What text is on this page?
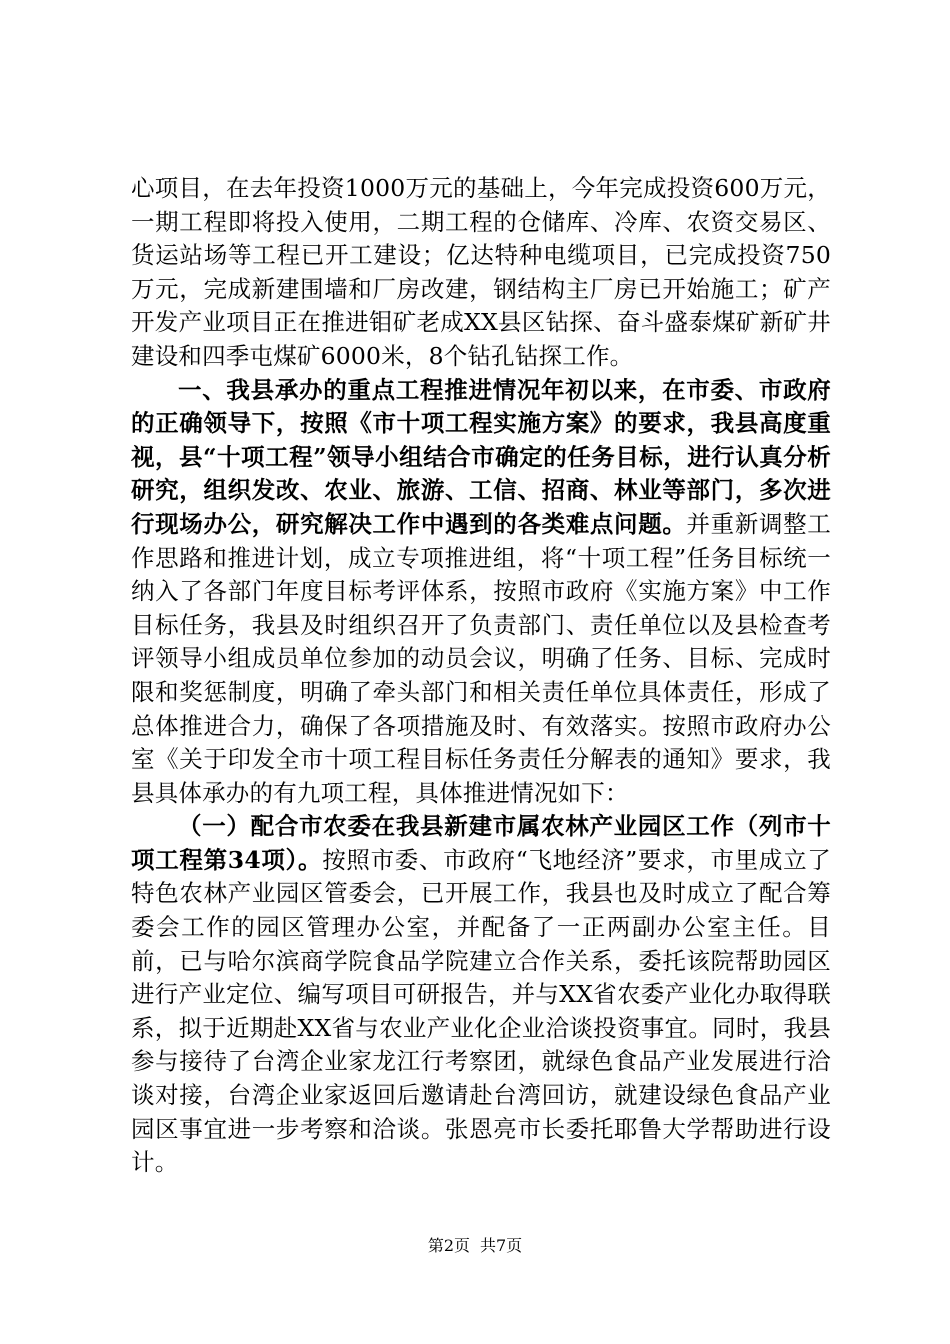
心项目，在去年投资1000万元的基础上，今年完成投资600万元，一期工程即将投入使用，二期工程的仓储库、冷库、农资交易区、货运站场等工程已开工建设；亿达特种电缆项目，已完成投资750万元，完成新建围墙和厂房改建，钢结构主厂房已开始施工；矿产开发产业项目正在推进钼矿老成XX县区钻探、奋斗盛泰煤矿新矿井建设和四季屯煤矿6000米，8个钻孔钻探工作。

一、我县承办的重点工程推进情况年初以来，在市委、市政府的正确领导下，按照《市十项工程实施方案》的要求，我县高度重视，县“十项工程”领导小组结合市确定的任务目标，进行认真分析研究，组织发改、农业、旅游、工信、招商、林业等部门，多次进行现场办公，研究解决工作中遇到的各类难点问题。并重新调整工作思路和推进计划，成立专项推进组，将“十项工程”任务目标统一纳入了各部门年度目标考评体系，按照市政府《实施方案》中工作目标任务，我县及时组织召开了负责部门、责任单位以及县检查考评领导小组成员单位参加的动员会议，明确了任务、目标、完成时限和奖惩制度，明确了牵头部门和相关责任单位具体责任，形成了总体推进合力，确保了各项措施及时、有效落实。按照市政府办公室《关于印发全市十项工程目标任务责任分解表的通知》要求，我县具体承办的有九项工程，具体推进情况如下：

（一）配合市农委在我县新建市属农林产业园区工作（列市十项工程第34项）。按照市委、市政府“飞地经济”要求，市里成立了特色农林产业园区管委会，已开展工作，我县也及时成立了配合筹委会工作的园区管理办公室，并配备了一正两副办公室主任。目前，已与哈尔滨商学院食品学院建立合作关系，委托该院帮助园区进行产业定位、编写项目可研报告，并与XX省农委产业化办取得联系，拟于近期赴XX省与农业产业化企业洽谈投资事宜。同时，我县参与接待了台湾企业家龙江行考察团，就绿色食品产业发展进行洽谈对接，台湾企业家返回后邀请赴台湾回访，就建设绿色食品产业园区事宜进一步考察和洽谈。张恩亮市长委托耶鲁大学帮助进行设计。

第2页 共7页
